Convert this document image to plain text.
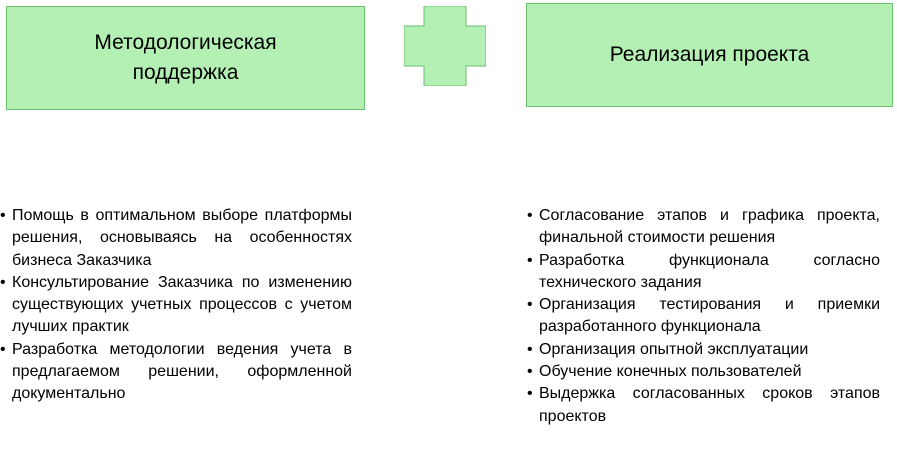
Методологическая поддержка
Реализация проекта
• Помощь в оптимальном выборе платформы решения, основываясь на особенностях бизнеса Заказчика
• Консультирование Заказчика по изменению существующих учетных процессов с учетом лучших практик
• Разработка методологии ведения учета в предлагаемом решении, оформленной документально
• Согласование этапов и графика проекта, финальной стоимости решения
• Разработка функционала согласно технического задания
• Организация тестирования и приемки разработанного функционала
• Организация опытной эксплуатации
• Обучение конечных пользователей
• Выдержка согласованных сроков этапов проектов
